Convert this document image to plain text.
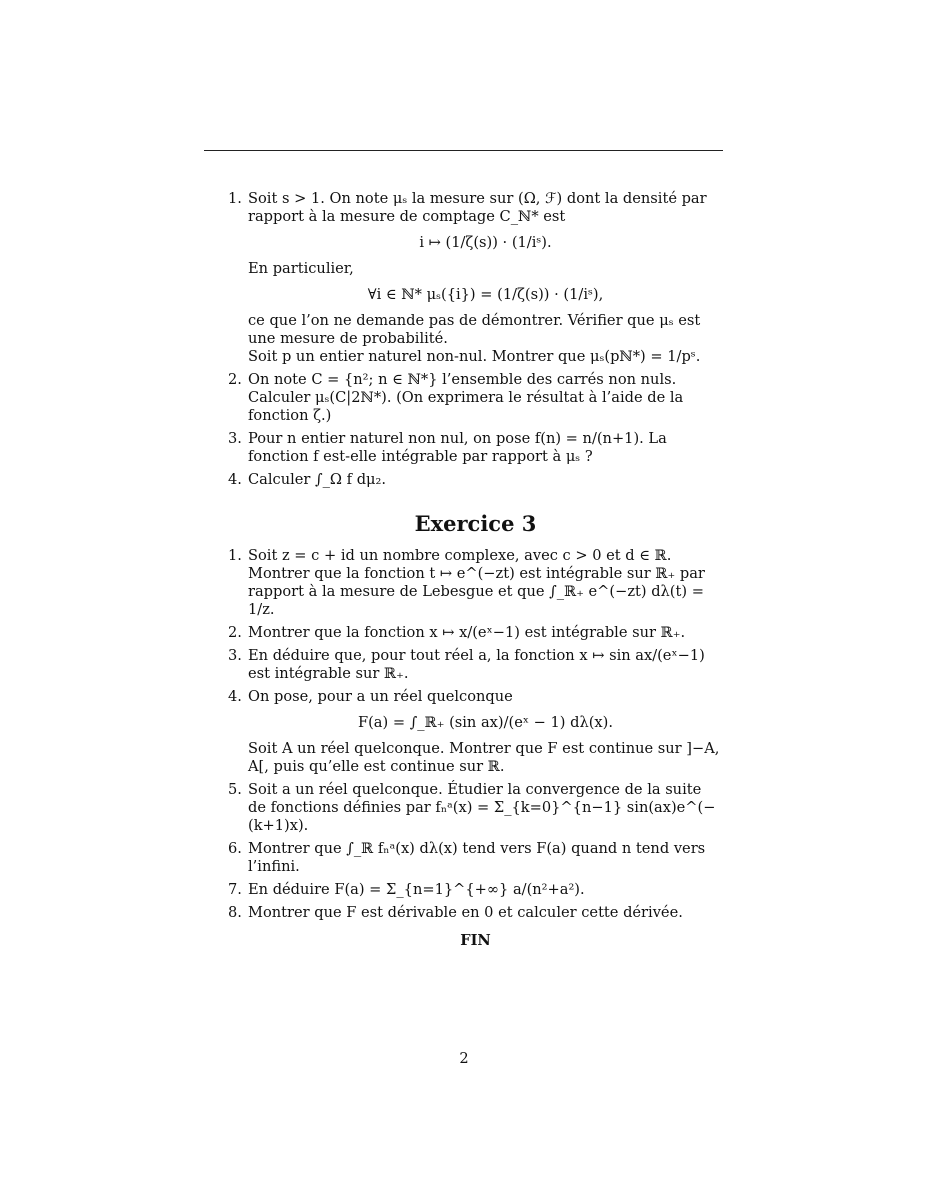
1. Soit s > 1. On note μₛ la mesure sur (Ω, ℱ) dont la densité par rapport à la mesure de comptage C_ℕ* est
i ↦ (1/ζ(s)) · (1/iˢ).
En particulier,
∀i ∈ ℕ* μₛ({i}) = (1/ζ(s)) · (1/iˢ),
ce que l’on ne demande pas de démontrer. Vérifier que μₛ est une mesure de probabilité.
Soit p un entier naturel non-nul. Montrer que μₛ(pℕ*) = 1/pˢ.
2. On note C = {n²; n ∈ ℕ*} l’ensemble des carrés non nuls. Calculer μₛ(C|2ℕ*). (On exprimera le résultat à l’aide de la fonction ζ.)
3. Pour n entier naturel non nul, on pose f(n) = n/(n+1). La fonction f est-elle intégrable par rapport à μₛ ?
4. Calculer ∫_Ω f dμ₂.
Exercice 3
1. Soit z = c + id un nombre complexe, avec c > 0 et d ∈ ℝ. Montrer que la fonction t ↦ e^(−zt) est intégrable sur ℝ₊ par rapport à la mesure de Lebesgue et que ∫_ℝ₊ e^(−zt) dλ(t) = 1/z.
2. Montrer que la fonction x ↦ x/(eˣ−1) est intégrable sur ℝ₊.
3. En déduire que, pour tout réel a, la fonction x ↦ sin ax/(eˣ−1) est intégrable sur ℝ₊.
4. On pose, pour a un réel quelconque
F(a) = ∫_ℝ₊ (sin ax)/(eˣ − 1) dλ(x).
Soit A un réel quelconque. Montrer que F est continue sur ]−A, A[, puis qu’elle est continue sur ℝ.
5. Soit a un réel quelconque. Étudier la convergence de la suite de fonctions définies par fₙᵃ(x) = Σ_{k=0}^{n−1} sin(ax)e^(−(k+1)x).
6. Montrer que ∫_ℝ fₙᵃ(x) dλ(x) tend vers F(a) quand n tend vers l’infini.
7. En déduire F(a) = Σ_{n=1}^{+∞} a/(n²+a²).
8. Montrer que F est dérivable en 0 et calculer cette dérivée.
FIN
2
